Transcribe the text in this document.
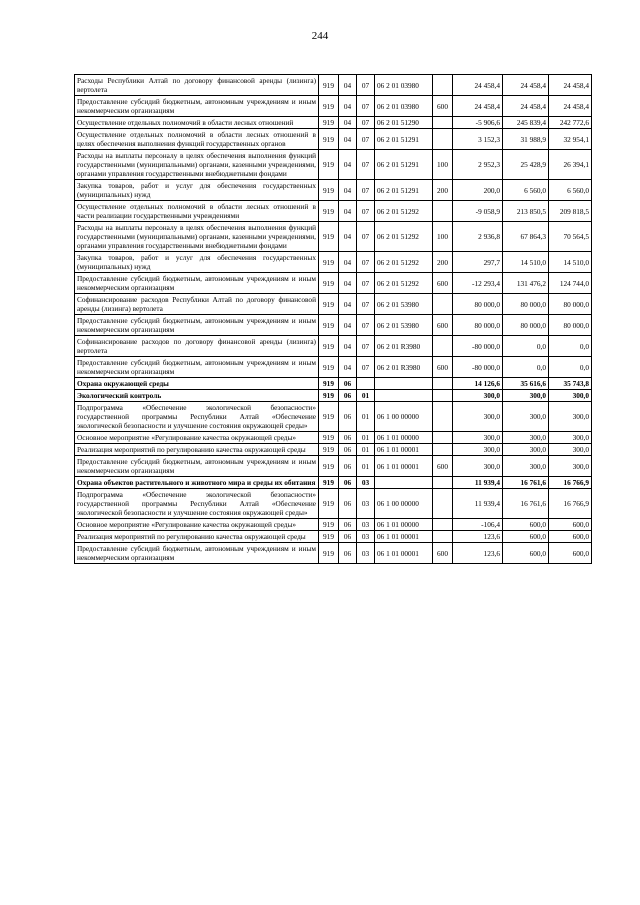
244
Расходы Республики Алтай по договору финансовой аренды (лизинга) вертолета	919	04	07	06 2 01 03980		24 458,4	24 458,4	24 458,4
Предоставление субсидий бюджетным, автономным учреждениям и иным некоммерческим организациям	919	04	07	06 2 01 03980	600	24 458,4	24 458,4	24 458,4
Осуществление отдельных полномочий в области лесных отношений	919	04	07	06 2 01 51290		-5 906,6	245 839,4	242 772,6
Осуществление отдельных полномочий в области лесных отношений в целях обеспечения выполнения функций государственных органов	919	04	07	06 2 01 51291		3 152,3	31 988,9	32 954,1
Расходы на выплаты персоналу в целях обеспечения выполнения функций государственными (муниципальными) органами, казенными учреждениями, органами управления государственными внебюджетными фондами	919	04	07	06 2 01 51291	100	2 952,3	25 428,9	26 394,1
Закупка товаров, работ и услуг для обеспечения государственных (муниципальных) нужд	919	04	07	06 2 01 51291	200	200,0	6 560,0	6 560,0
Осуществление отдельных полномочий в области лесных отношений в части реализации государственными учреждениями	919	04	07	06 2 01 51292		-9 058,9	213 850,5	209 818,5
Расходы на выплаты персоналу в целях обеспечения выполнения функций государственными (муниципальными) органами, казенными учреждениями, органами управления государственными внебюджетными фондами	919	04	07	06 2 01 51292	100	2 936,8	67 864,3	70 564,5
Закупка товаров, работ и услуг для обеспечения государственных (муниципальных) нужд	919	04	07	06 2 01 51292	200	297,7	14 510,0	14 510,0
Предоставление субсидий бюджетным, автономным учреждениям и иным некоммерческим организациям	919	04	07	06 2 01 51292	600	-12 293,4	131 476,2	124 744,0
Софинансирование расходов Республики Алтай по договору финансовой аренды (лизинга) вертолета	919	04	07	06 2 01 53980		80 000,0	80 000,0	80 000,0
Предоставление субсидий бюджетным, автономным учреждениям и иным некоммерческим организациям	919	04	07	06 2 01 53980	600	80 000,0	80 000,0	80 000,0
Софинансирование расходов по договору финансовой аренды (лизинга) вертолета	919	04	07	06 2 01 R3980		-80 000,0	0,0	0,0
Предоставление субсидий бюджетным, автономным учреждениям и иным некоммерческим организациям	919	04	07	06 2 01 R3980	600	-80 000,0	0,0	0,0
Охрана окружающей среды	919	06				14 126,6	35 616,6	35 743,8
Экологический контроль	919	06	01			300,0	300,0	300,0
Подпрограмма «Обеспечение экологической безопасности» государственной программы Республики Алтай «Обеспечение экологической безопасности и улучшение состояния окружающей среды»	919	06	01	06 1 00 00000		300,0	300,0	300,0
Основное мероприятие «Регулирование качества окружающей среды»	919	06	01	06 1 01 00000		300,0	300,0	300,0
Реализация мероприятий по регулированию качества окружающей среды	919	06	01	06 1 01 00001		300,0	300,0	300,0
Предоставление субсидий бюджетным, автономным учреждениям и иным некоммерческим организациям	919	06	01	06 1 01 00001	600	300,0	300,0	300,0
Охрана объектов растительного и животного мира и среды их обитания	919	06	03			11 939,4	16 761,6	16 766,9
Подпрограмма «Обеспечение экологической безопасности» государственной программы Республики Алтай «Обеспечение экологической безопасности и улучшение состояния окружающей среды»	919	06	03	06 1 00 00000		11 939,4	16 761,6	16 766,9
Основное мероприятие «Регулирование качества окружающей среды»	919	06	03	06 1 01 00000		-106,4	600,0	600,0
Реализация мероприятий по регулированию качества окружающей среды	919	06	03	06 1 01 00001		123,6	600,0	600,0
Предоставление субсидий бюджетным, автономным учреждениям и иным некоммерческим организациям	919	06	03	06 1 01 00001	600	123,6	600,0	600,0
